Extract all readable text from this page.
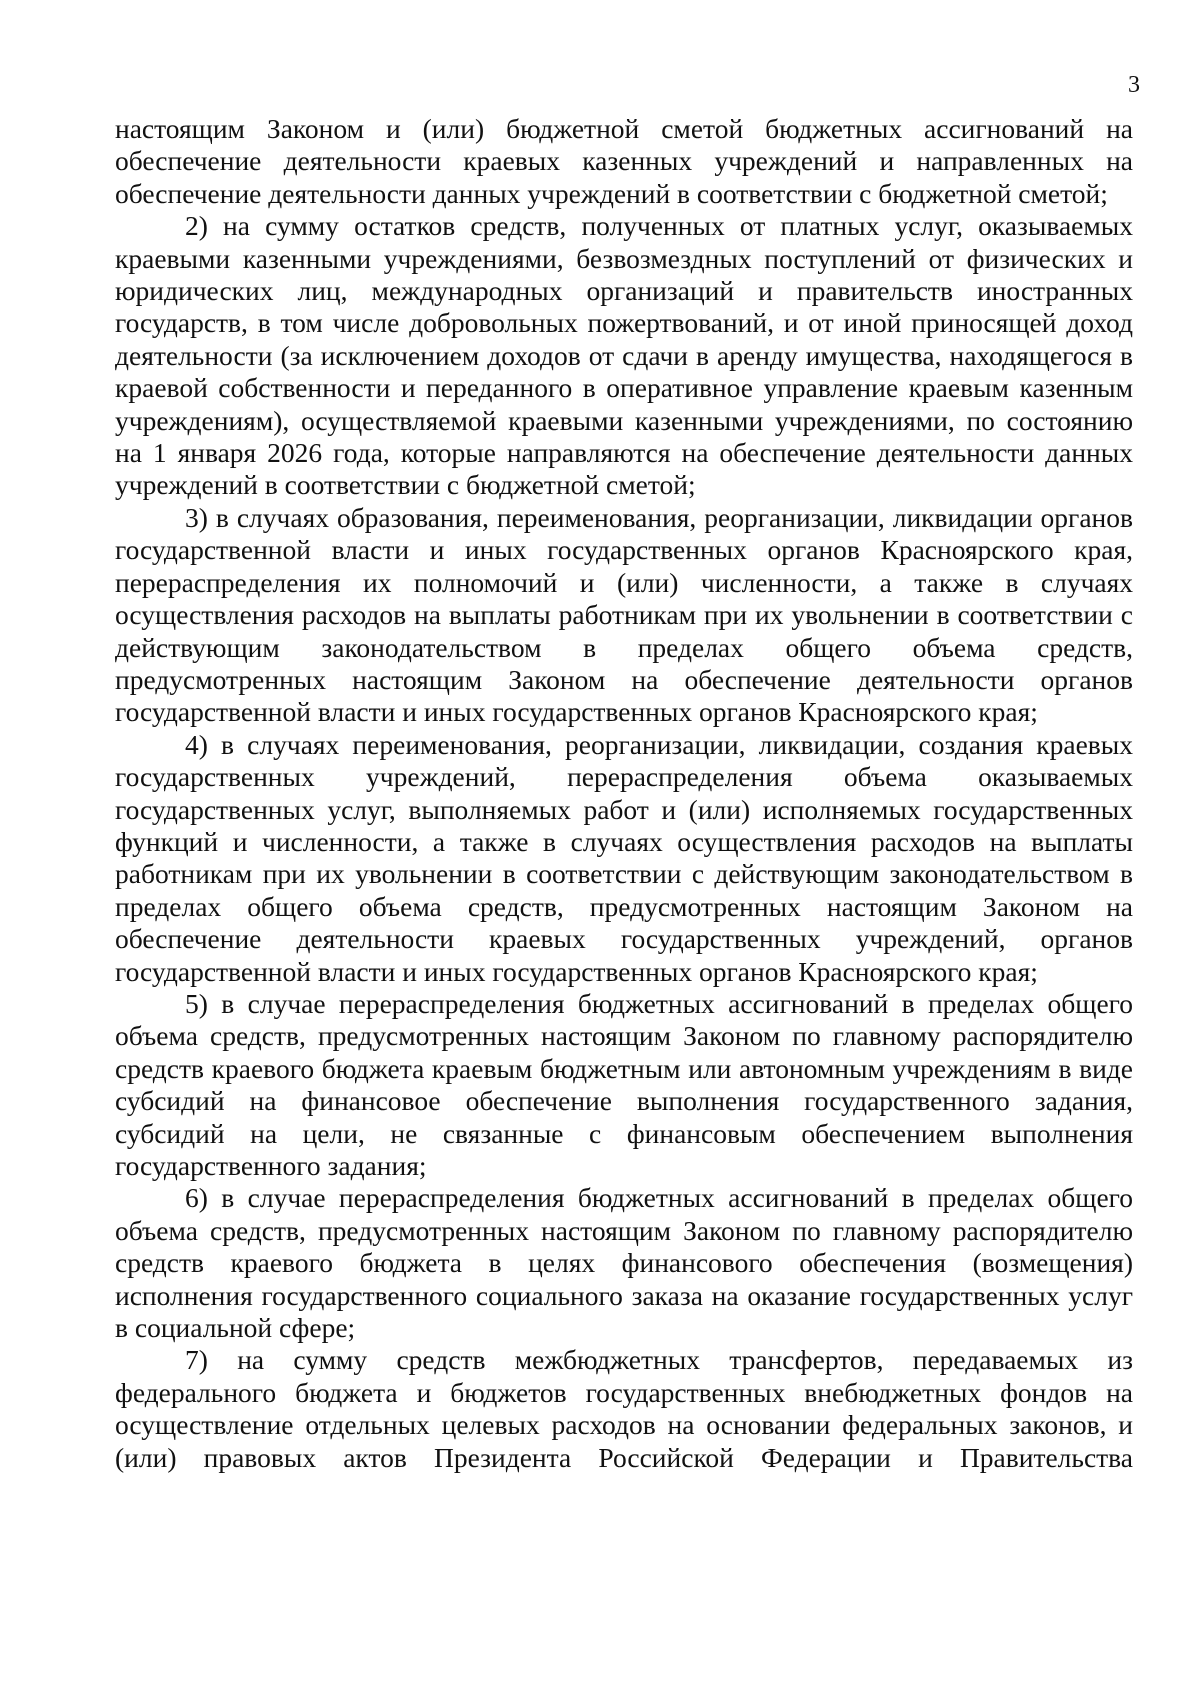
3

настоящим Законом и (или) бюджетной сметой бюджетных ассигнований на обеспечение деятельности краевых казенных учреждений и направленных на обеспечение деятельности данных учреждений в соответствии с бюджетной сметой;

2) на сумму остатков средств, полученных от платных услуг, оказываемых краевыми казенными учреждениями, безвозмездных поступлений от физических и юридических лиц, международных организаций и правительств иностранных государств, в том числе добровольных пожертвований, и от иной приносящей доход деятельности (за исключением доходов от сдачи в аренду имущества, находящегося в краевой собственности и переданного в оперативное управление краевым казенным учреждениям), осуществляемой краевыми казенными учреждениями, по состоянию на 1 января 2026 года, которые направляются на обеспечение деятельности данных учреждений в соответствии с бюджетной сметой;

3) в случаях образования, переименования, реорганизации, ликвидации органов государственной власти и иных государственных органов Красноярского края, перераспределения их полномочий и (или) численности, а также в случаях осуществления расходов на выплаты работникам при их увольнении в соответствии с действующим законодательством в пределах общего объема средств, предусмотренных настоящим Законом на обеспечение деятельности органов государственной власти и иных государственных органов Красноярского края;

4) в случаях переименования, реорганизации, ликвидации, создания краевых государственных учреждений, перераспределения объема оказываемых государственных услуг, выполняемых работ и (или) исполняемых государственных функций и численности, а также в случаях осуществления расходов на выплаты работникам при их увольнении в соответствии с действующим законодательством в пределах общего объема средств, предусмотренных настоящим Законом на обеспечение деятельности краевых государственных учреждений, органов государственной власти и иных государственных органов Красноярского края;

5) в случае перераспределения бюджетных ассигнований в пределах общего объема средств, предусмотренных настоящим Законом по главному распорядителю средств краевого бюджета краевым бюджетным или автономным учреждениям в виде субсидий на финансовое обеспечение выполнения государственного задания, субсидий на цели, не связанные с финансовым обеспечением выполнения государственного задания;

6) в случае перераспределения бюджетных ассигнований в пределах общего объема средств, предусмотренных настоящим Законом по главному распорядителю средств краевого бюджета в целях финансового обеспечения (возмещения) исполнения государственного социального заказа на оказание государственных услуг в социальной сфере;

7) на сумму средств межбюджетных трансфертов, передаваемых из федерального бюджета и бюджетов государственных внебюджетных фондов на осуществление отдельных целевых расходов на основании федеральных законов, и (или) правовых актов Президента Российской Федерации и Правительства
